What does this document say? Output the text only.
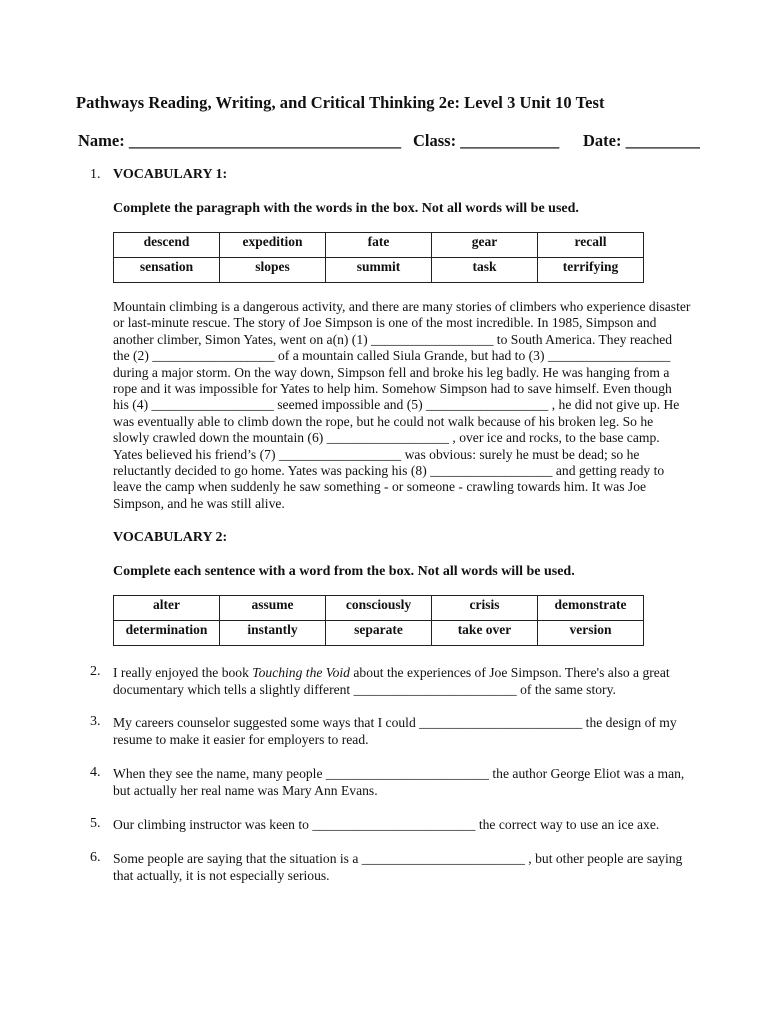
Pathways Reading, Writing, and Critical Thinking 2e: Level 3 Unit 10 Test
Name: _________________________________ Class: ____________ Date: _________
1. VOCABULARY 1:
Complete the paragraph with the words in the box. Not all words will be used.
descend	expedition	fate	gear	recall
sensation	slopes	summit	task	terrifying
Mountain climbing is a dangerous activity, and there are many stories of climbers who experience disaster
or last-minute rescue. The story of Joe Simpson is one of the most incredible. In 1985, Simpson and
another climber, Simon Yates, went on a(n) (1) __________________ to South America. They reached
the (2) __________________ of a mountain called Siula Grande, but had to (3) __________________
during a major storm. On the way down, Simpson fell and broke his leg badly. He was hanging from a
rope and it was impossible for Yates to help him. Somehow Simpson had to save himself. Even though
his (4) __________________ seemed impossible and (5) __________________ , he did not give up. He
was eventually able to climb down the rope, but he could not walk because of his broken leg. So he
slowly crawled down the mountain (6) __________________ , over ice and rocks, to the base camp.
Yates believed his friend’s (7) __________________ was obvious: surely he must be dead; so he
reluctantly decided to go home. Yates was packing his (8) __________________ and getting ready to
leave the camp when suddenly he saw something - or someone - crawling towards him. It was Joe
Simpson, and he was still alive.
VOCABULARY 2:
Complete each sentence with a word from the box. Not all words will be used.
alter	assume	consciously	crisis	demonstrate
determination	instantly	separate	take over	version
2. I really enjoyed the book Touching the Void about the experiences of Joe Simpson. There's also a great
documentary which tells a slightly different ________________________ of the same story.
3. My careers counselor suggested some ways that I could ________________________ the design of my
resume to make it easier for employers to read.
4. When they see the name, many people ________________________ the author George Eliot was a man,
but actually her real name was Mary Ann Evans.
5. Our climbing instructor was keen to ________________________ the correct way to use an ice axe.
6. Some people are saying that the situation is a ________________________ , but other people are saying
that actually, it is not especially serious.
